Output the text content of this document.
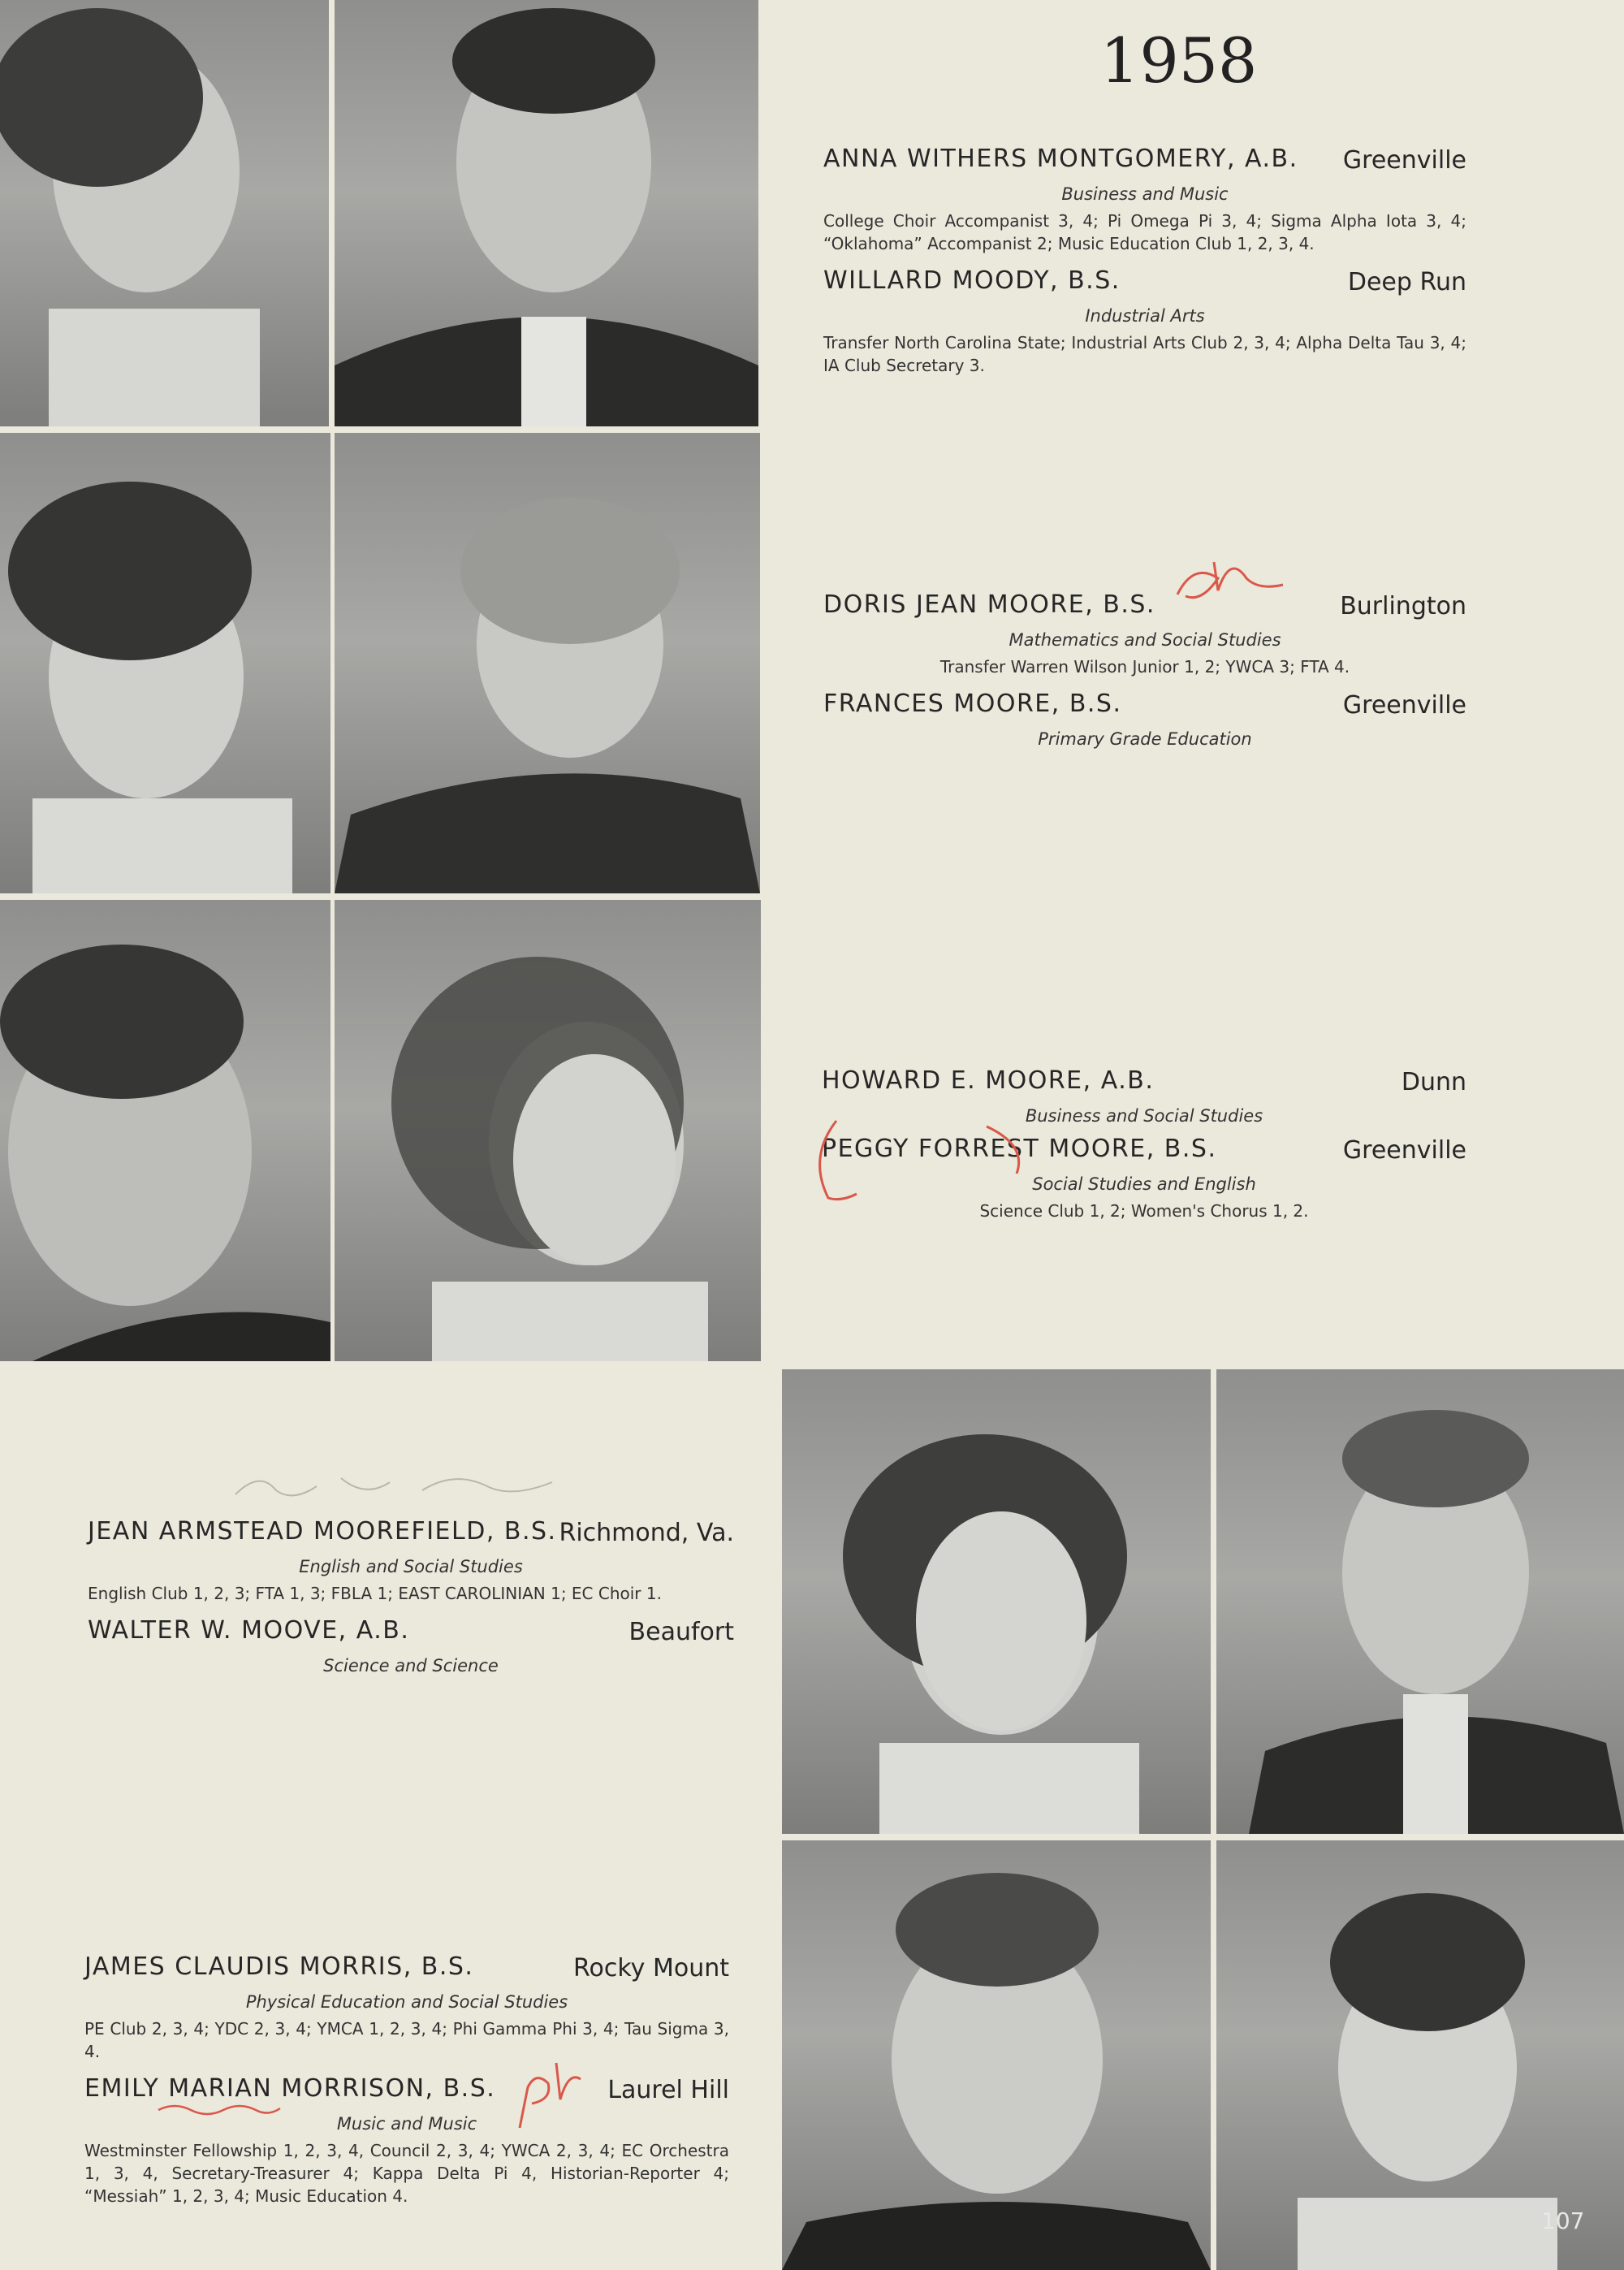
1958
ANNA WITHERS MONTGOMERY, A.B. Greenville
Business and Music
College Choir Accompanist 3, 4; Pi Omega Pi 3, 4; Sigma Alpha Iota 3, 4; “Oklahoma” Accompanist 2; Music Education Club 1, 2, 3, 4.
WILLARD MOODY, B.S.	Deep Run
Industrial Arts
Transfer North Carolina State; Industrial Arts Club 2, 3, 4; Alpha Delta Tau 3, 4; IA Club Secretary 3.
DORIS JEAN MOORE, B.S.	Burlington
Mathematics and Social Studies
Transfer Warren Wilson Junior 1, 2; YWCA 3; FTA 4.
FRANCES MOORE, B.S.	Greenville
Primary Grade Education
HOWARD E. MOORE, A.B.	Dunn
Business and Social Studies
PEGGY FORREST MOORE, B.S.	Greenville
Social Studies and English
Science Club 1, 2; Women's Chorus 1, 2.
JEAN ARMSTEAD MOOREFIELD, B.S. Richmond, Va.
English and Social Studies
English Club 1, 2, 3; FTA 1, 3; FBLA 1; EAST CAROLINIAN 1; EC Choir 1.
WALTER W. MOOVE, A.B.	Beaufort
Science and Science
JAMES CLAUDIS MORRIS, B.S.	Rocky Mount
Physical Education and Social Studies
PE Club 2, 3, 4; YDC 2, 3, 4; YMCA 1, 2, 3, 4; Phi Gamma Phi 3, 4; Tau Sigma 3, 4.
EMILY MARIAN MORRISON, B.S.	Laurel Hill
Music and Music
Westminster Fellowship 1, 2, 3, 4, Council 2, 3, 4; YWCA 2, 3, 4; EC Orchestra 1, 3, 4, Secretary-Treasurer 4; Kappa Delta Pi 4, Historian-Reporter 4; “Messiah” 1, 2, 3, 4; Music Education 4.
107
